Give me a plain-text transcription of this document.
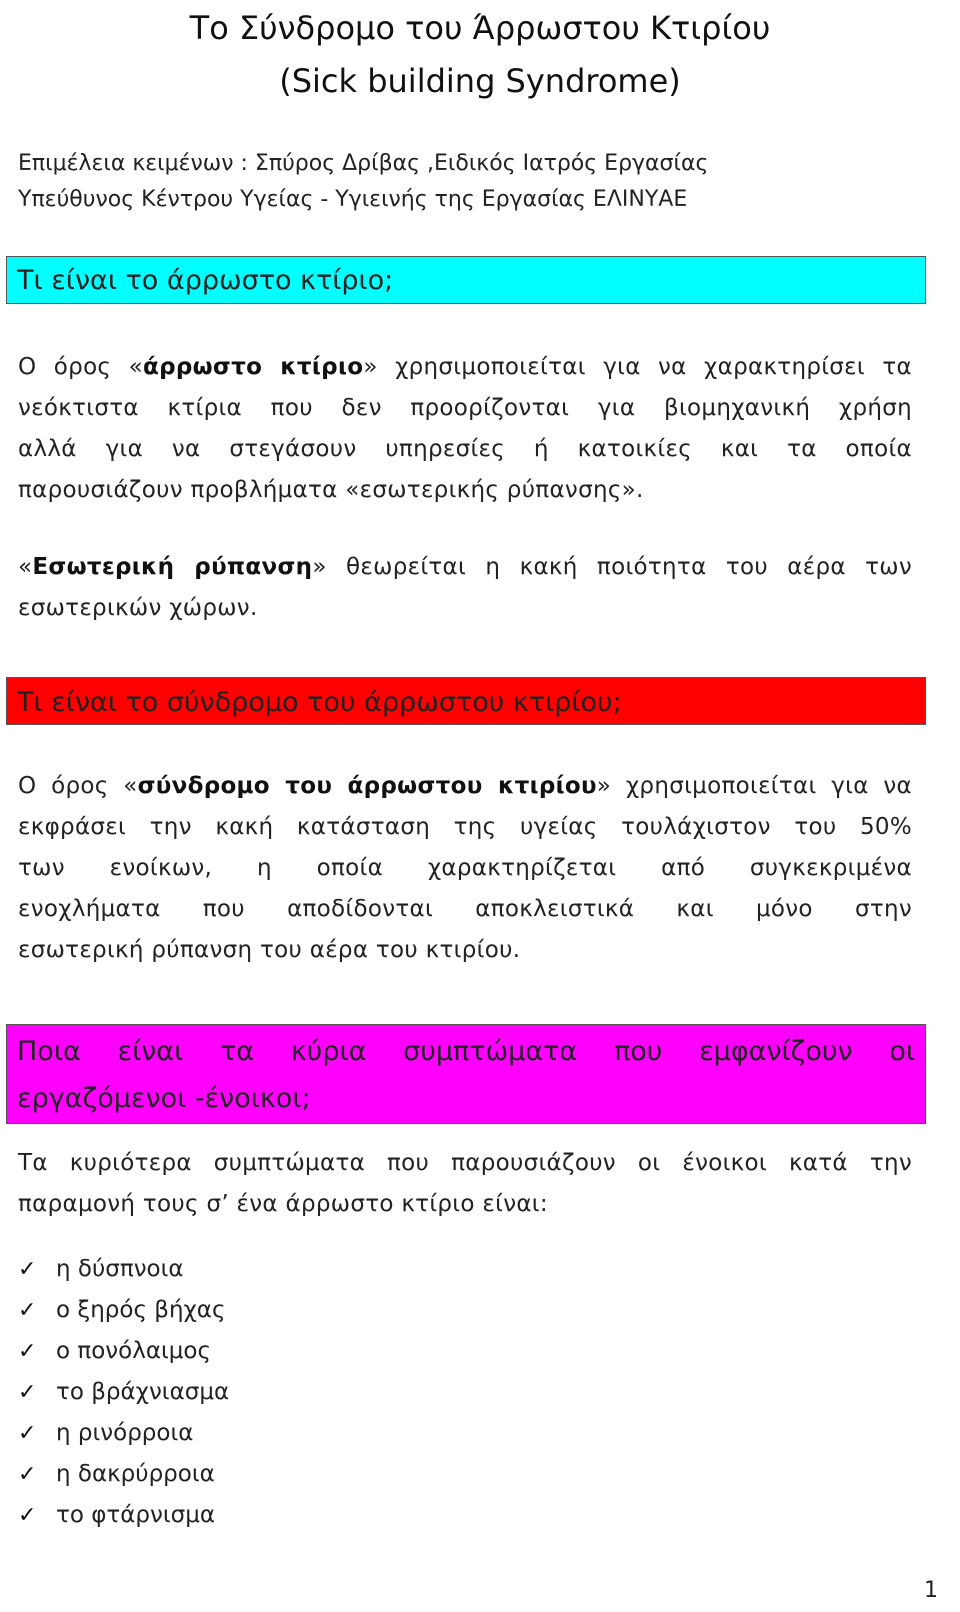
Το Σύνδρομο του Άρρωστου Κτιρίου
(Sick building Syndrome)
Επιμέλεια κειμένων : Σπύρος Δρίβας ,Ειδικός Ιατρός Εργασίας
Υπεύθυνος Κέντρου Υγείας - Υγιεινής της Εργασίας ΕΛΙΝΥΑΕ
Τι είναι το άρρωστο κτίριο;
Ο όρος «άρρωστο κτίριο» χρησιμοποιείται για να χαρακτηρίσει τα
νεόκτιστα κτίρια που δεν προορίζονται για βιομηχανική χρήση
αλλά για να στεγάσουν υπηρεσίες ή κατοικίες και τα οποία
παρουσιάζουν προβλήματα «εσωτερικής ρύπανσης».
«Εσωτερική ρύπανση» θεωρείται η κακή ποιότητα του αέρα των
εσωτερικών χώρων.
Τι είναι το σύνδρομο του άρρωστου κτιρίου;
Ο όρος «σύνδρομο του άρρωστου κτιρίου» χρησιμοποιείται για να
εκφράσει την κακή κατάσταση της υγείας τουλάχιστον του 50%
των ενοίκων, η οποία χαρακτηρίζεται από συγκεκριμένα
ενοχλήματα που αποδίδονται αποκλειστικά και μόνο στην
εσωτερική ρύπανση του αέρα του κτιρίου.
Ποια είναι τα κύρια συμπτώματα που εμφανίζουν οι
εργαζόμενοι -ένοικοι;
Τα κυριότερα συμπτώματα που παρουσιάζουν οι ένοικοι κατά την
παραμονή τους σ’ ένα άρρωστο κτίριο είναι:
✓ η δύσπνοια
✓ ο ξηρός βήχας
✓ ο πονόλαιμος
✓ το βράχνιασμα
✓ η ρινόρροια
✓ η δακρύρροια
✓ το φτάρνισμα
1
